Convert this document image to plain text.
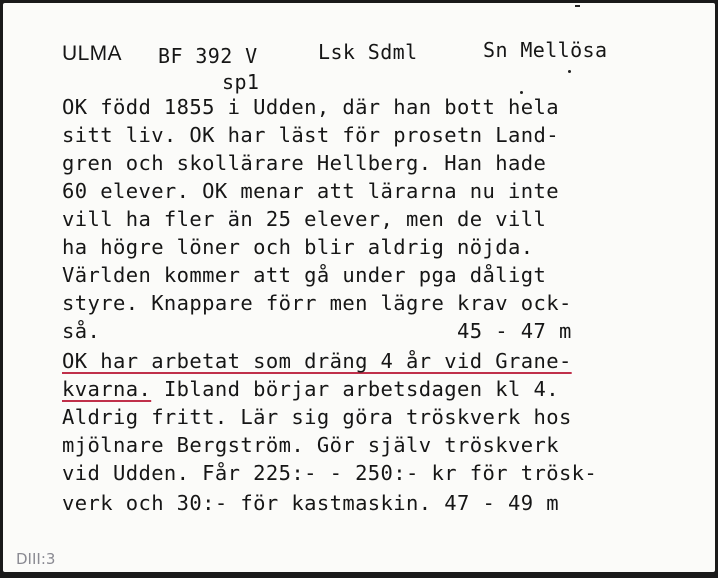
ULMA BF 392 V	Lsk Sdml	Sn Mellösa

sp1

OK född 1855 i Udden, där han bott hela

sitt liv. OK har läst för prosetn Land-

gren och skollärare Hellberg. Han hade

60 elever. OK menar att lärarna nu inte

vill ha fler än 25 elever, men de vill

ha högre löner och blir aldrig nöjda.

Världen kommer att gå under pga dåligt

styre. Knappare förr men lägre krav ock-

så.                            45 - 47 m

OK har arbetat som dräng 4 år vid Grane-

kvarna. Ibland börjar arbetsdagen kl 4.

Aldrig fritt. Lär sig göra tröskverk hos

mjölnare Bergström. Gör själv tröskverk

vid Udden. Får 225:- - 250:- kr för trösk-

verk och 30:- för kastmaskin. 47 - 49 m

DIII:3
